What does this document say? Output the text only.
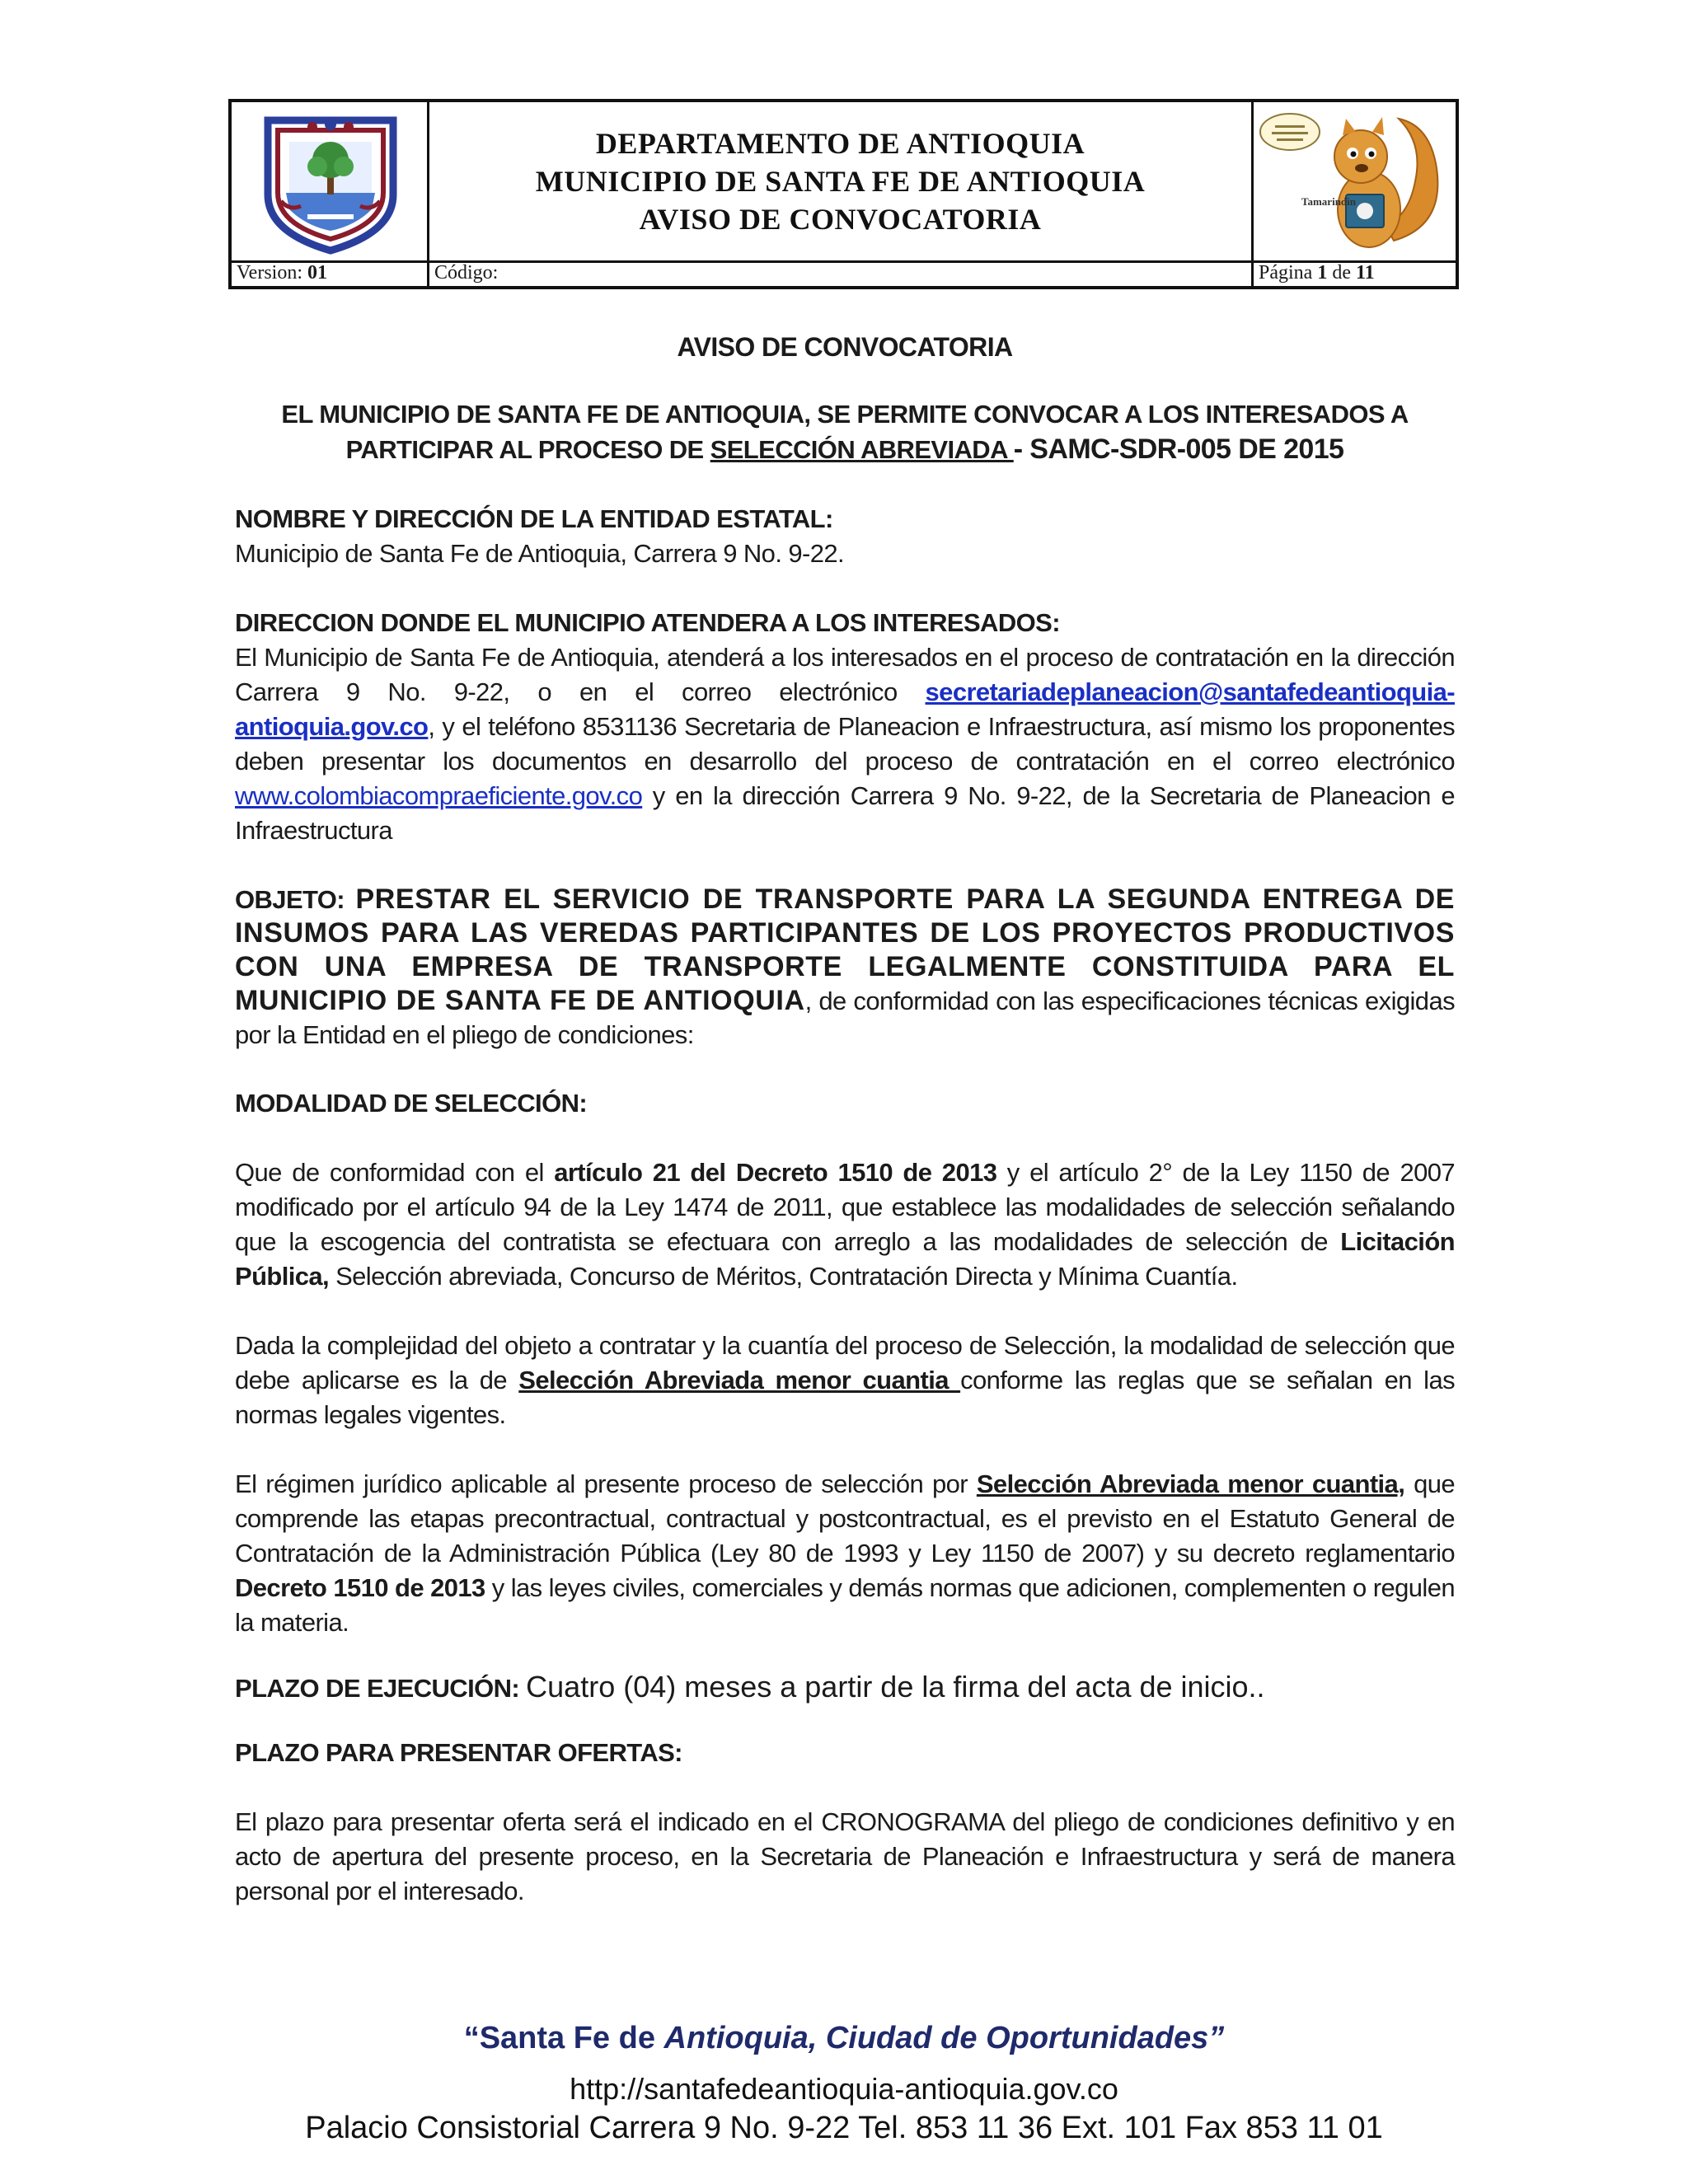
DEPARTAMENTO DE ANTIOQUIA
MUNICIPIO DE SANTA FE DE ANTIOQUIA
AVISO DE CONVOCATORIA
Tamarindin
Version:
01	Código:	Página
1
de
11

AVISO DE CONVOCATORIA

EL MUNICIPIO DE SANTA FE DE ANTIOQUIA, SE PERMITE CONVOCAR A LOS INTERESADOS A

PARTICIPAR AL PROCESO DE SELECCIÓN ABREVIADA - SAMC-SDR-005 DE 2015

NOMBRE Y DIRECCIÓN DE LA ENTIDAD ESTATAL:

Municipio de Santa Fe de Antioquia, Carrera 9 No. 9-22.

DIRECCION DONDE EL MUNICIPIO ATENDERA A LOS INTERESADOS:

El Municipio de Santa Fe de Antioquia, atenderá a los interesados en el proceso de contratación en la dirección Carrera 9 No. 9-22, o en el correo electrónico secretariadeplaneacion@santafedeantioquia-antioquia.gov.co, y el teléfono 8531136 Secretaria de Planeacion e Infraestructura, así mismo los proponentes deben presentar los documentos en desarrollo del proceso de contratación en el correo electrónico www.colombiacompraeficiente.gov.co y en la dirección Carrera 9 No. 9-22, de la Secretaria de Planeacion e Infraestructura

OBJETO: PRESTAR EL SERVICIO DE TRANSPORTE PARA LA SEGUNDA ENTREGA DE INSUMOS PARA LAS VEREDAS PARTICIPANTES DE LOS PROYECTOS PRODUCTIVOS CON UNA EMPRESA DE TRANSPORTE LEGALMENTE CONSTITUIDA PARA EL MUNICIPIO DE SANTA FE DE ANTIOQUIA, de conformidad con las especificaciones técnicas exigidas por la Entidad en el pliego de condiciones:

MODALIDAD DE SELECCIÓN:

Que de conformidad con el artículo 21 del Decreto 1510 de 2013 y el artículo 2° de la Ley 1150 de 2007 modificado por el artículo 94 de la Ley 1474 de 2011, que establece las modalidades de selección señalando que la escogencia del contratista se efectuara con arreglo a las modalidades de selección de Licitación Pública, Selección abreviada, Concurso de Méritos, Contratación Directa y Mínima Cuantía.

Dada la complejidad del objeto a contratar y la cuantía del proceso de Selección, la modalidad de selección que debe aplicarse es la de Selección Abreviada menor cuantia conforme las reglas que se señalan en las normas legales vigentes.

El régimen jurídico aplicable al presente proceso de selección por Selección Abreviada menor cuantia, que comprende las etapas precontractual, contractual y postcontractual, es el previsto en el Estatuto General de Contratación de la Administración Pública (Ley 80 de 1993 y Ley 1150 de 2007) y su decreto reglamentario Decreto 1510 de 2013 y las leyes civiles, comerciales y demás normas que adicionen, complementen o regulen la materia.

PLAZO DE EJECUCIÓN: Cuatro (04) meses a partir de la firma del acta de inicio..

PLAZO PARA PRESENTAR OFERTAS:

El plazo para presentar oferta será el indicado en el CRONOGRAMA del pliego de condiciones definitivo y en acto de apertura del presente proceso, en la Secretaria de Planeación e Infraestructura y será de manera personal por el interesado.

“Santa Fe de Antioquia, Ciudad de Oportunidades”
http://santafedeantioquia-antioquia.gov.co
Palacio Consistorial Carrera 9 No. 9-22 Tel. 853 11 36 Ext. 101 Fax 853 11 01
